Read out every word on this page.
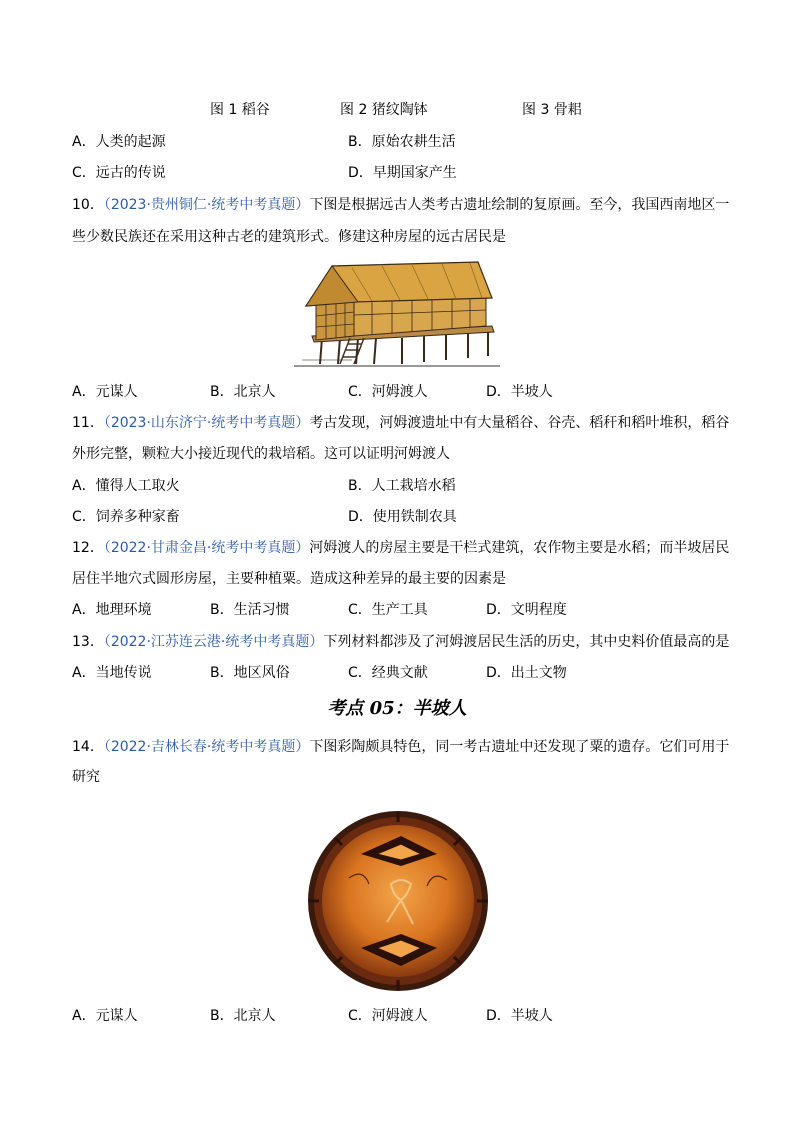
图 1 稻谷	图 2 猪纹陶钵	图 3 骨耜
A．人类的起源	B．原始农耕生活
C．远古的传说	D．早期国家产生
10．（2023·贵州铜仁·统考中考真题）下图是根据远古人类考古遗址绘制的复原画。至今，我国西南地区一
些少数民族还在采用这种古老的建筑形式。修建这种房屋的远古居民是
A．元谋人	B．北京人	C．河姆渡人	D．半坡人
11．（2023·山东济宁·统考中考真题）考古发现，河姆渡遗址中有大量稻谷、谷壳、稻秆和稻叶堆积，稻谷
外形完整，颗粒大小接近现代的栽培稻。这可以证明河姆渡人
A．懂得人工取火	B．人工栽培水稻
C．饲养多种家畜	D．使用铁制农具
12．（2022·甘肃金昌·统考中考真题）河姆渡人的房屋主要是干栏式建筑，农作物主要是水稻；而半坡居民
居住半地穴式圆形房屋，主要种植粟。造成这种差异的最主要的因素是
A．地理环境	B．生活习惯	C．生产工具	D．文明程度
13．（2022·江苏连云港·统考中考真题）下列材料都涉及了河姆渡居民生活的历史，其中史料价值最高的是
A．当地传说	B．地区风俗	C．经典文献	D．出土文物
考点 05：半坡人
14．（2022·吉林长春·统考中考真题）下图彩陶颇具特色，同一考古遗址中还发现了粟的遗存。它们可用于
研究
A．元谋人	B．北京人	C．河姆渡人	D．半坡人
